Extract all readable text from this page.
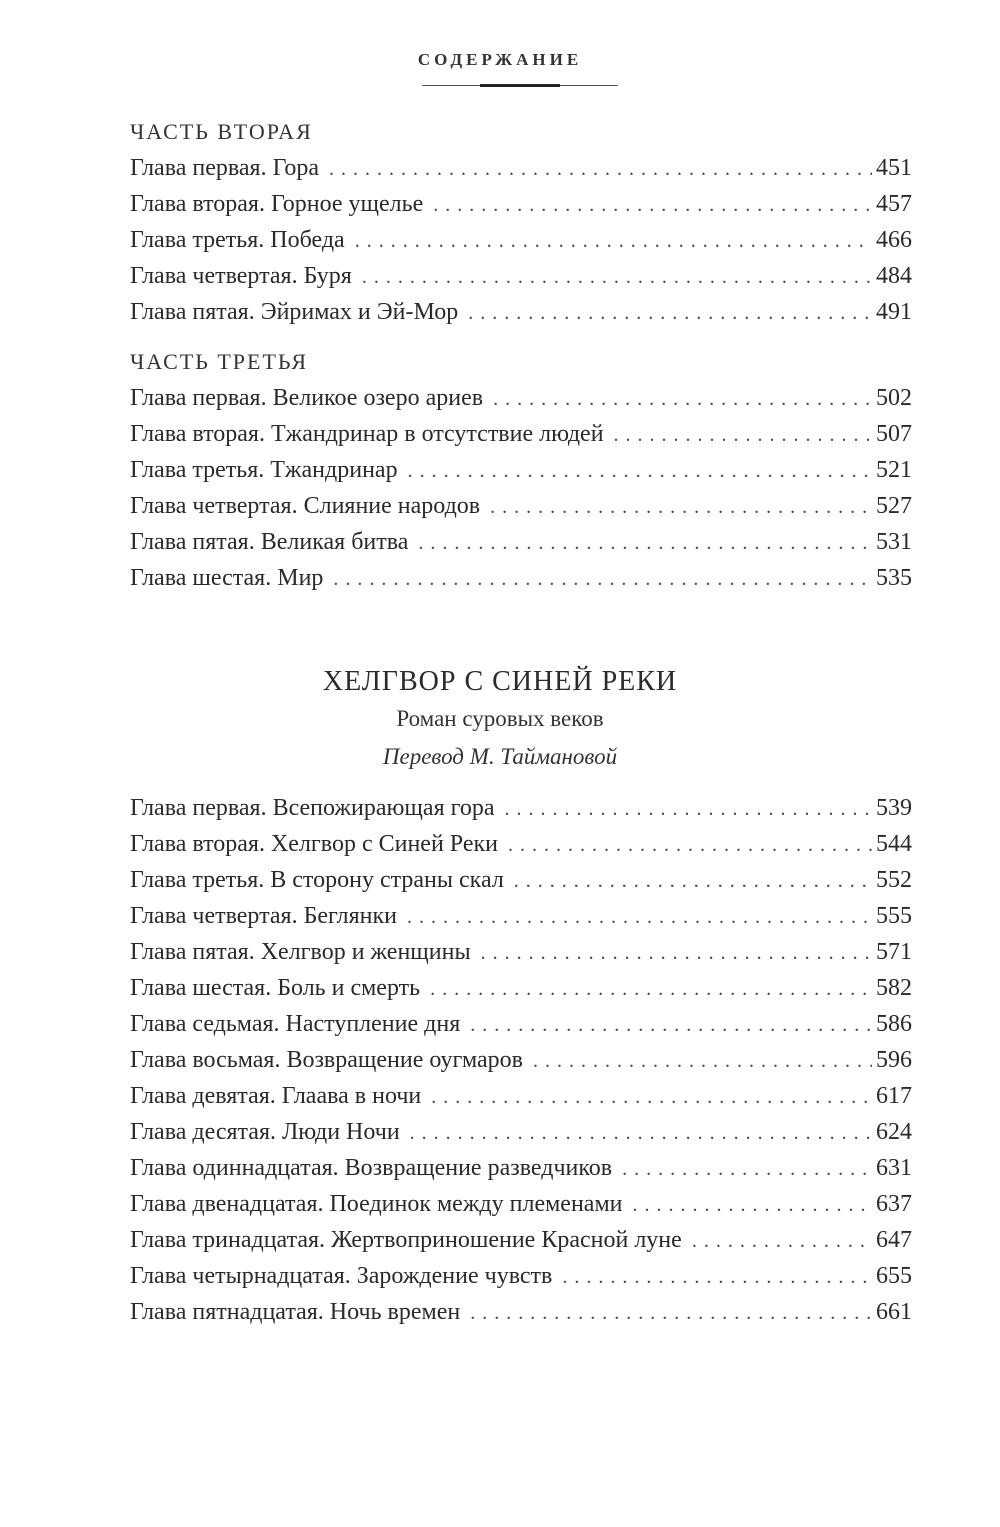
СОДЕРЖАНИЕ
ЧАСТЬ ВТОРАЯ
Глава первая. Гора . . .	451
Глава вторая. Горное ущелье . . .	457
Глава третья. Победа . . .	466
Глава четвертая. Буря . . .	484
Глава пятая. Эйримах и Эй-Мор . . .	491
ЧАСТЬ ТРЕТЬЯ
Глава первая. Великое озеро ариев . . .	502
Глава вторая. Тжандринар в отсутствие людей . . .	507
Глава третья. Тжандринар . . .	521
Глава четвертая. Слияние народов . . .	527
Глава пятая. Великая битва . . .	531
Глава шестая. Мир . . .	535
ХЕЛГВОР С СИНЕЙ РЕКИ
Роман суровых веков
Перевод М. Таймановой
Глава первая. Всепожирающая гора . . .	539
Глава вторая. Хелгвор с Синей Реки . . .	544
Глава третья. В сторону страны скал . . .	552
Глава четвертая. Беглянки . . .	555
Глава пятая. Хелгвор и женщины . . .	571
Глава шестая. Боль и смерть . . .	582
Глава седьмая. Наступление дня . . .	586
Глава восьмая. Возвращение оугмаров . . .	596
Глава девятая. Глаава в ночи . . .	617
Глава десятая. Люди Ночи . . .	624
Глава одиннадцатая. Возвращение разведчиков . . .	631
Глава двенадцатая. Поединок между племенами . . .	637
Глава тринадцатая. Жертвоприношение Красной луне . . .	647
Глава четырнадцатая. Зарождение чувств . . .	655
Глава пятнадцатая. Ночь времен . . .	661
